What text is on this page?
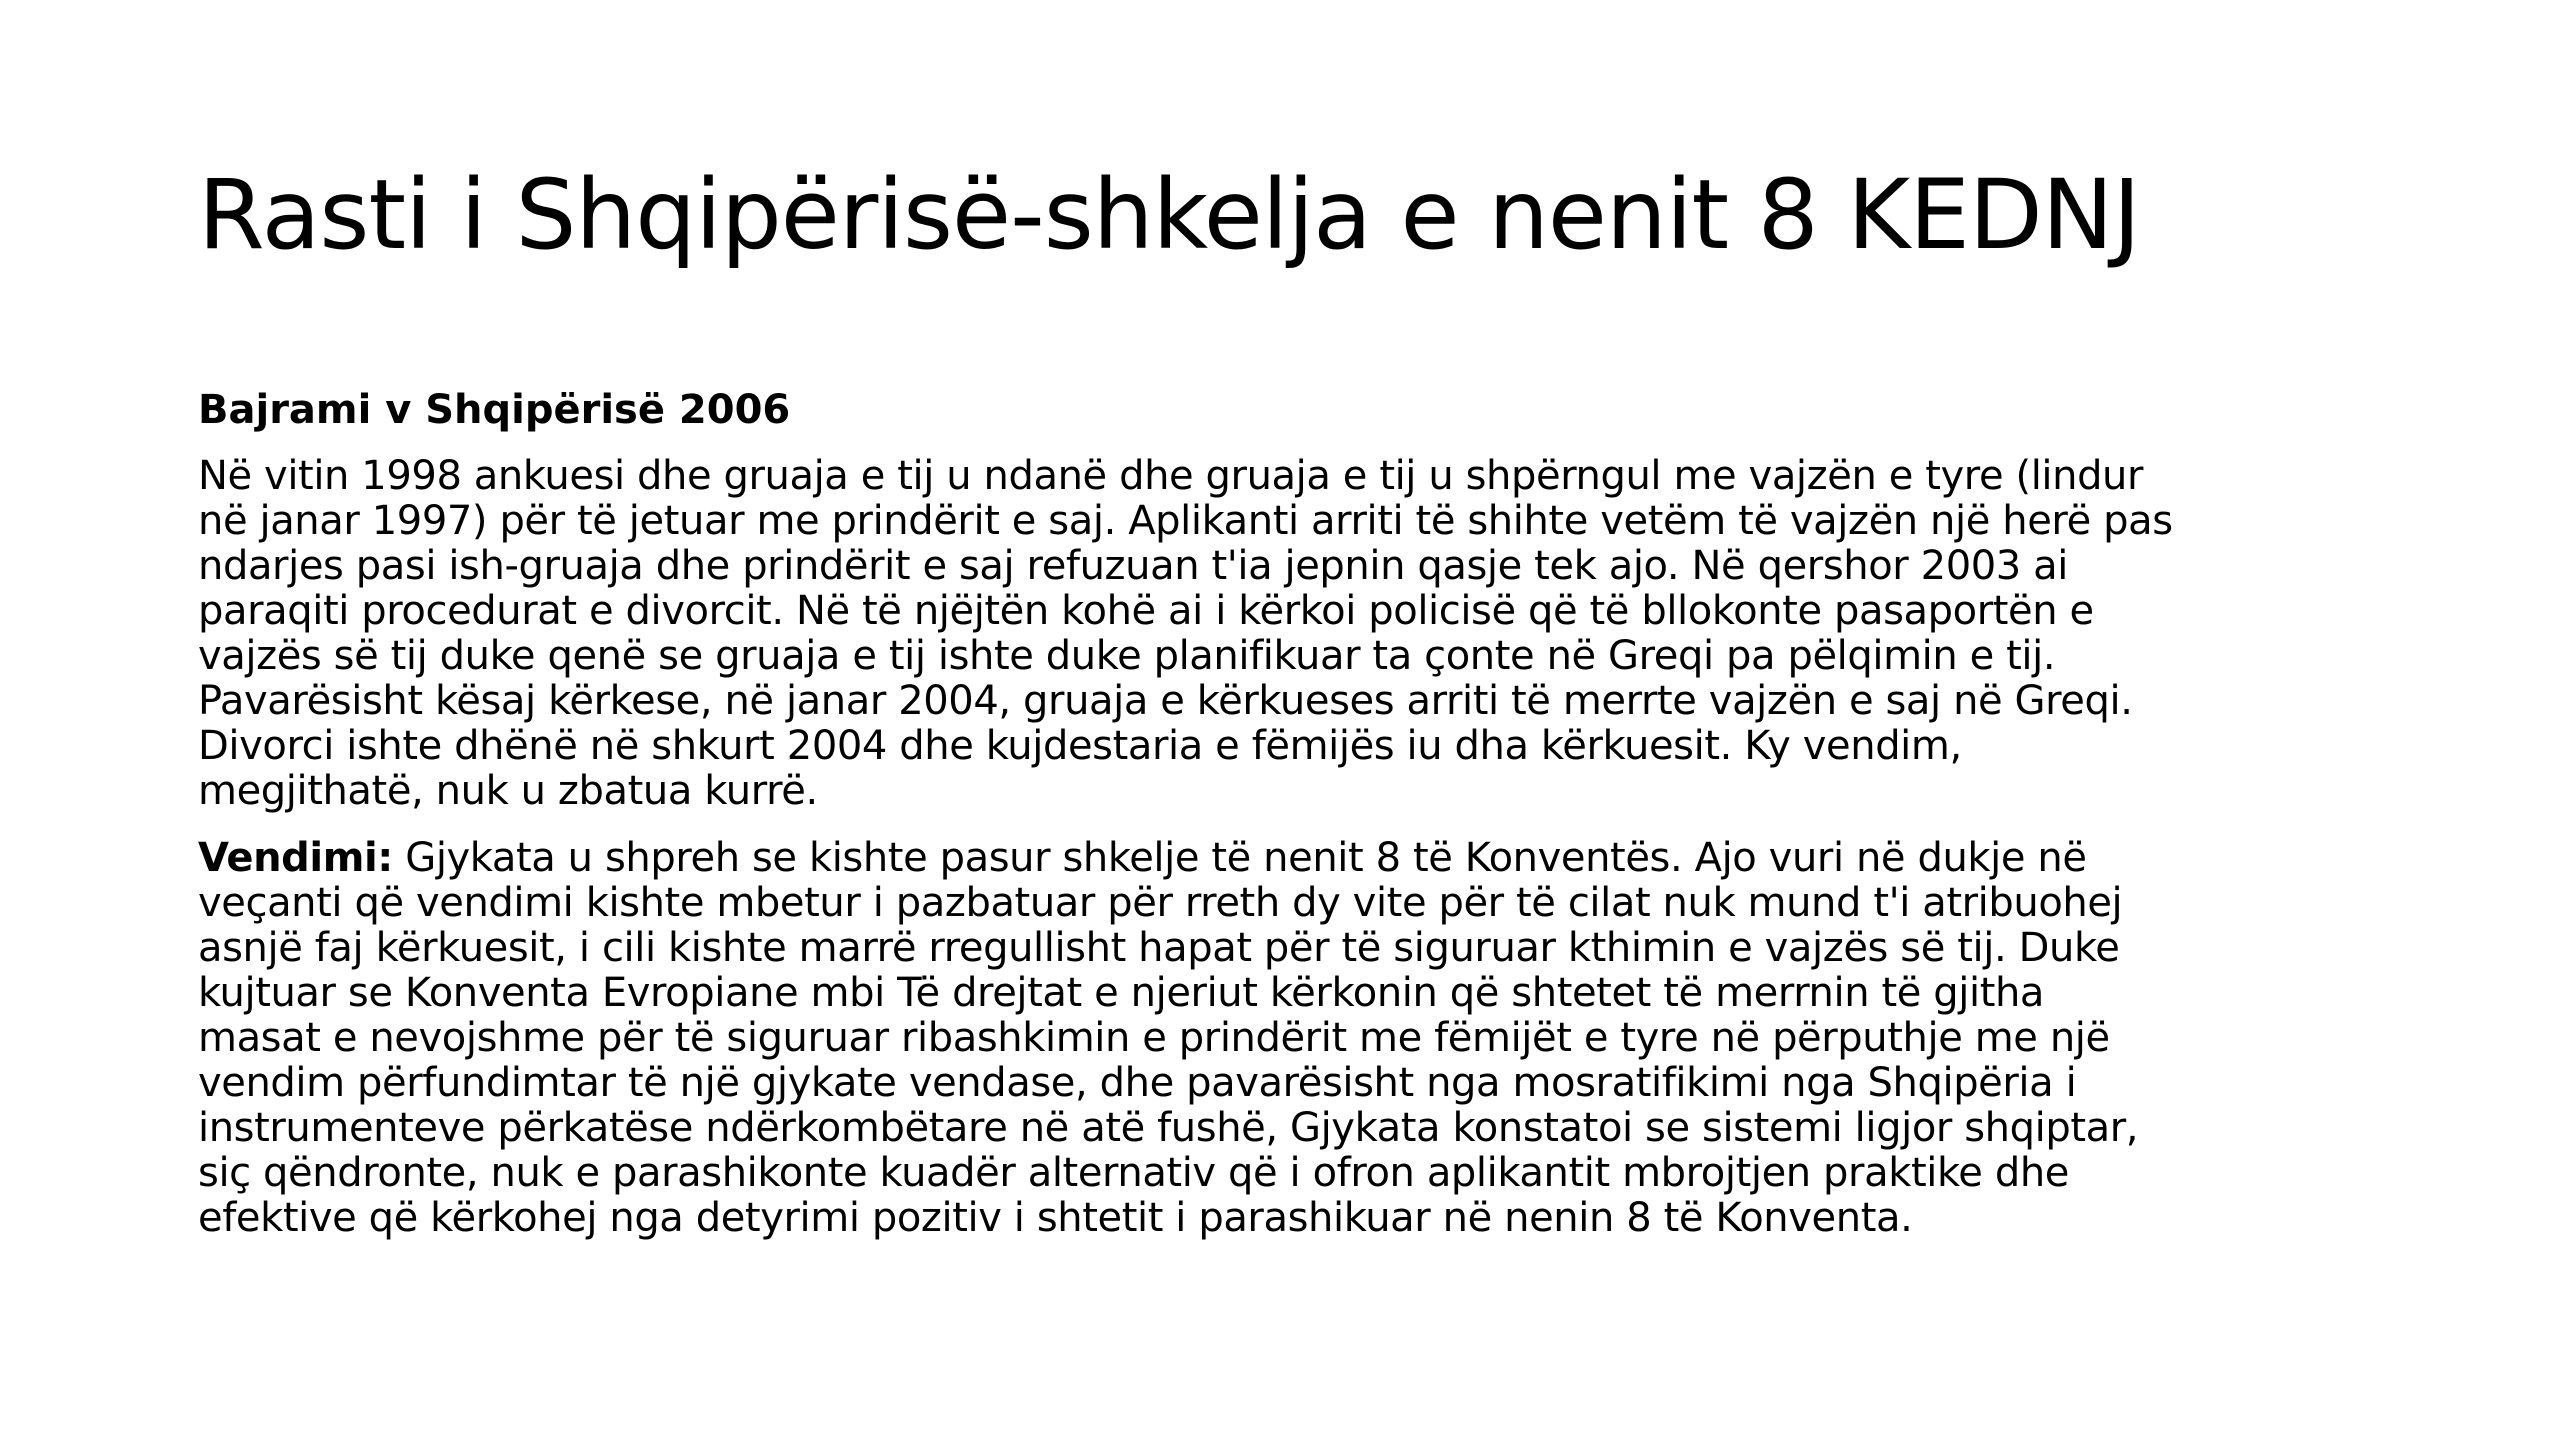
Rasti i Shqipërisë-shkelja e nenit 8 KEDNJ
Bajrami v Shqipërisë 2006

Në vitin 1998 ankuesi dhe gruaja e tij u ndanë dhe gruaja e tij u shpërngul me vajzën e tyre (lindur
në janar 1997) për të jetuar me prindërit e saj. Aplikanti arriti të shihte vetëm të vajzën një herë pas
ndarjes pasi ish-gruaja dhe prindërit e saj refuzuan t'ia jepnin qasje tek ajo. Në qershor 2003 ai
paraqiti procedurat e divorcit. Në të njëjtën kohë ai i kërkoi policisë që të bllokonte pasaportën e
vajzës së tij duke qenë se gruaja e tij ishte duke planifikuar ta çonte në Greqi pa pëlqimin e tij.
Pavarësisht kësaj kërkese, në janar 2004, gruaja e kërkueses arriti të merrte vajzën e saj në Greqi.
Divorci ishte dhënë në shkurt 2004 dhe kujdestaria e fëmijës iu dha kërkuesit. Ky vendim,
megjithatë, nuk u zbatua kurrë.

Vendimi: Gjykata u shpreh se kishte pasur shkelje të nenit 8 të Konventës. Ajo vuri në dukje në
veçanti që vendimi kishte mbetur i pazbatuar për rreth dy vite për të cilat nuk mund t'i atribuohej
asnjë faj kërkuesit, i cili kishte marrë rregullisht hapat për të siguruar kthimin e vajzës së tij. Duke
kujtuar se Konventa Evropiane mbi Të drejtat e njeriut kërkonin që shtetet të merrnin të gjitha
masat e nevojshme për të siguruar ribashkimin e prindërit me fëmijët e tyre në përputhje me një
vendim përfundimtar të një gjykate vendase, dhe pavarësisht nga mosratifikimi nga Shqipëria i
instrumenteve përkatëse ndërkombëtare në atë fushë, Gjykata konstatoi se sistemi ligjor shqiptar,
siç qëndronte, nuk e parashikonte kuadër alternativ që i ofron aplikantit mbrojtjen praktike dhe
efektive që kërkohej nga detyrimi pozitiv i shtetit i parashikuar në nenin 8 të Konventa.
